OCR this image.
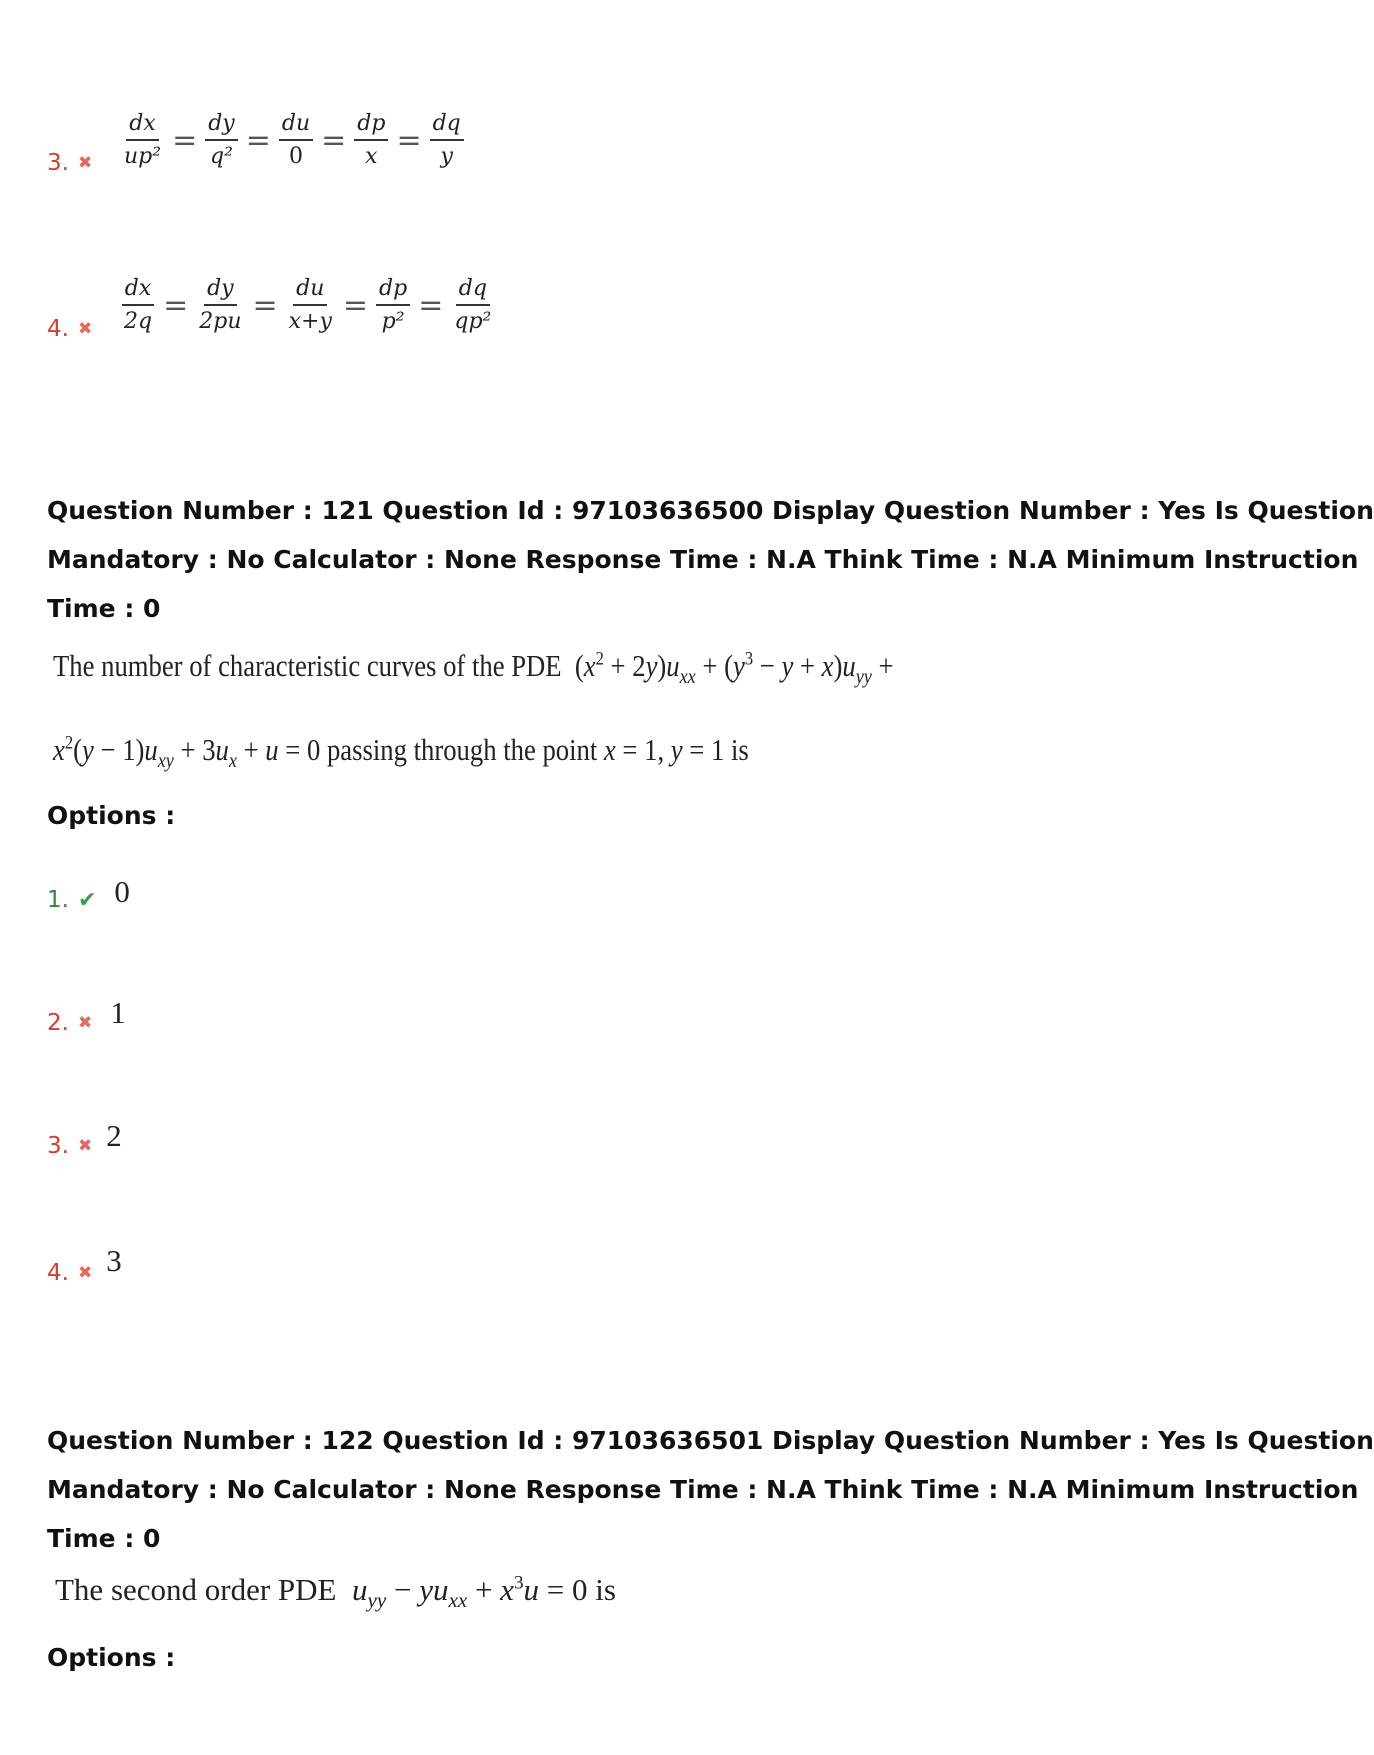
3. ✖ $\frac{dx}{\text{up²}} = \frac{dy}{\text{q²}} = \frac{du}{0} = \frac{dp}{x} = \frac{dq}{y}$
4. ✖ $\frac{dx}{2q} = \frac{dy}{2pu} = \frac{du}{x+y} = \frac{dp}{\text{p²}} = \frac{dq}{\text{qp²}}$
Question Number : 121 Question Id : 97103636500 Display Question Number : Yes Is Question
Mandatory : No Calculator : None Response Time : N.A Think Time : N.A Minimum Instruction
Time : 0
The number of characteristic curves of the PDE  $(x^2 + 2y)u_{xx} + (y^3 - y + x)u_{yy}$ +
$x^2(y - 1)u_{xy} + 3u_x + u = 0$ passing through the point x = 1, y = 1 is
Options :
1. ✔ 0
2. ✖ 1
3. ✖ 2
4. ✖ 3
Question Number : 122 Question Id : 97103636501 Display Question Number : Yes Is Question
Mandatory : No Calculator : None Response Time : N.A Think Time : N.A Minimum Instruction
Time : 0
The second order PDE $u_{yy} - yu_{xx} + x^3u = 0$ is
Options :
